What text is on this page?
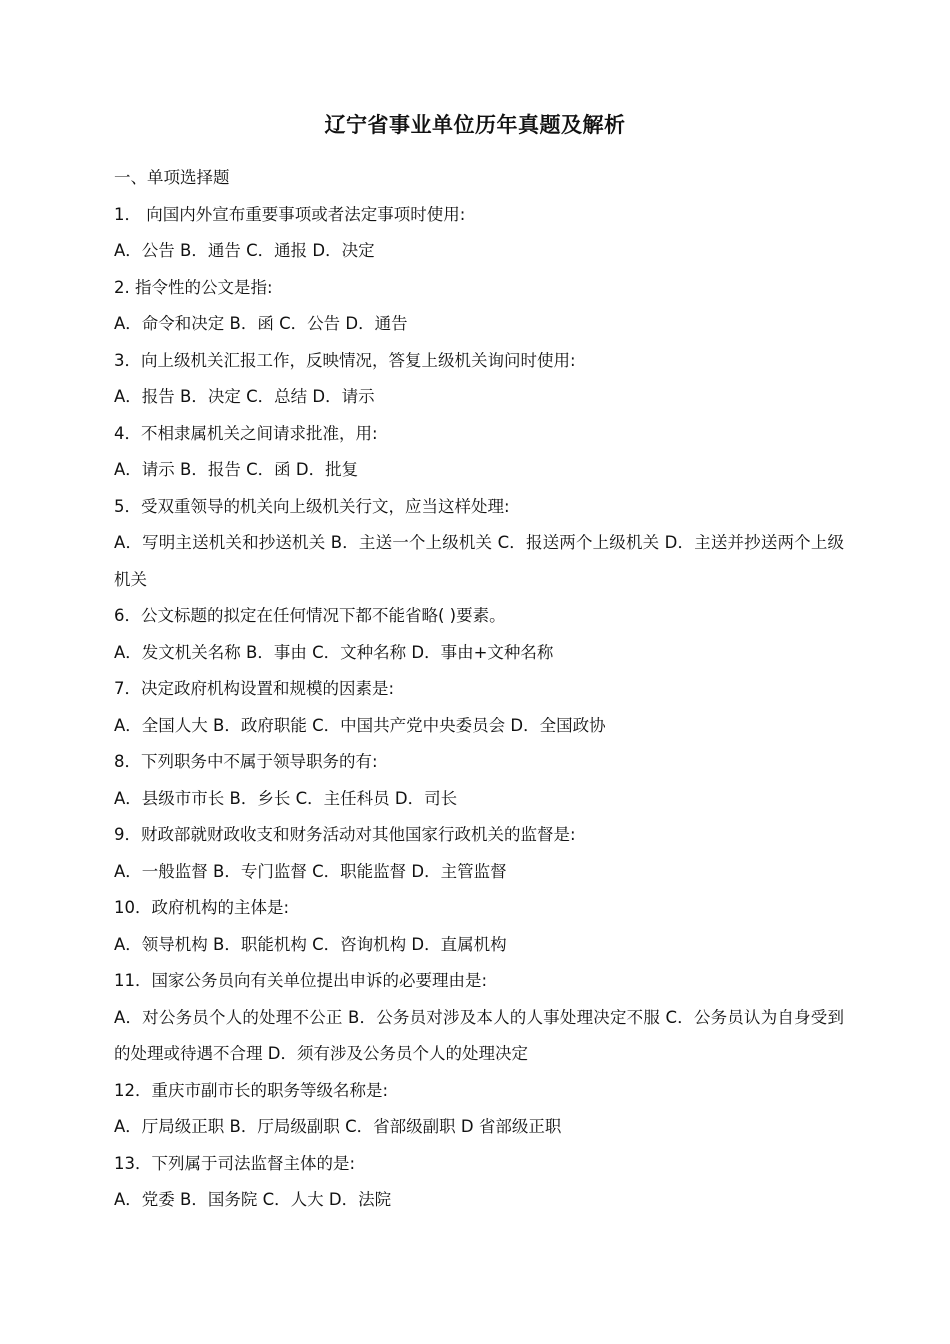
辽宁省事业单位历年真题及解析
一、单项选择题
1． 向国内外宣布重要事项或者法定事项时使用:
A．公告 B．通告 C．通报 D．决定
2. 指令性的公文是指:
A．命令和决定 B．函 C．公告 D．通告
3．向上级机关汇报工作，反映情况，答复上级机关询问时使用:
A．报告 B．决定 C．总结 D．请示
4．不相隶属机关之间请求批准，用:
A．请示 B．报告 C．函 D．批复
5．受双重领导的机关向上级机关行文，应当这样处理:
A．写明主送机关和抄送机关 B．主送一个上级机关 C．报送两个上级机关 D．主送并抄送两个上级机关
6．公文标题的拟定在任何情况下都不能省略( )要素。
A．发文机关名称 B．事由 C．文种名称 D．事由+文种名称
7．决定政府机构设置和规模的因素是:
A．全国人大 B．政府职能 C．中国共产党中央委员会 D．全国政协
8．下列职务中不属于领导职务的有:
A．县级市市长 B．乡长 C．主任科员 D．司长
9．财政部就财政收支和财务活动对其他国家行政机关的监督是:
A．一般监督 B．专门监督 C．职能监督 D．主管监督
10．政府机构的主体是:
A．领导机构 B．职能机构 C．咨询机构 D．直属机构
11．国家公务员向有关单位提出申诉的必要理由是:
A．对公务员个人的处理不公正 B．公务员对涉及本人的人事处理决定不服 C．公务员认为自身受到的处理或待遇不合理 D．须有涉及公务员个人的处理决定
12．重庆市副市长的职务等级名称是:
A．厅局级正职 B．厅局级副职 C．省部级副职 D 省部级正职
13．下列属于司法监督主体的是:
A．党委 B．国务院 C．人大 D．法院
